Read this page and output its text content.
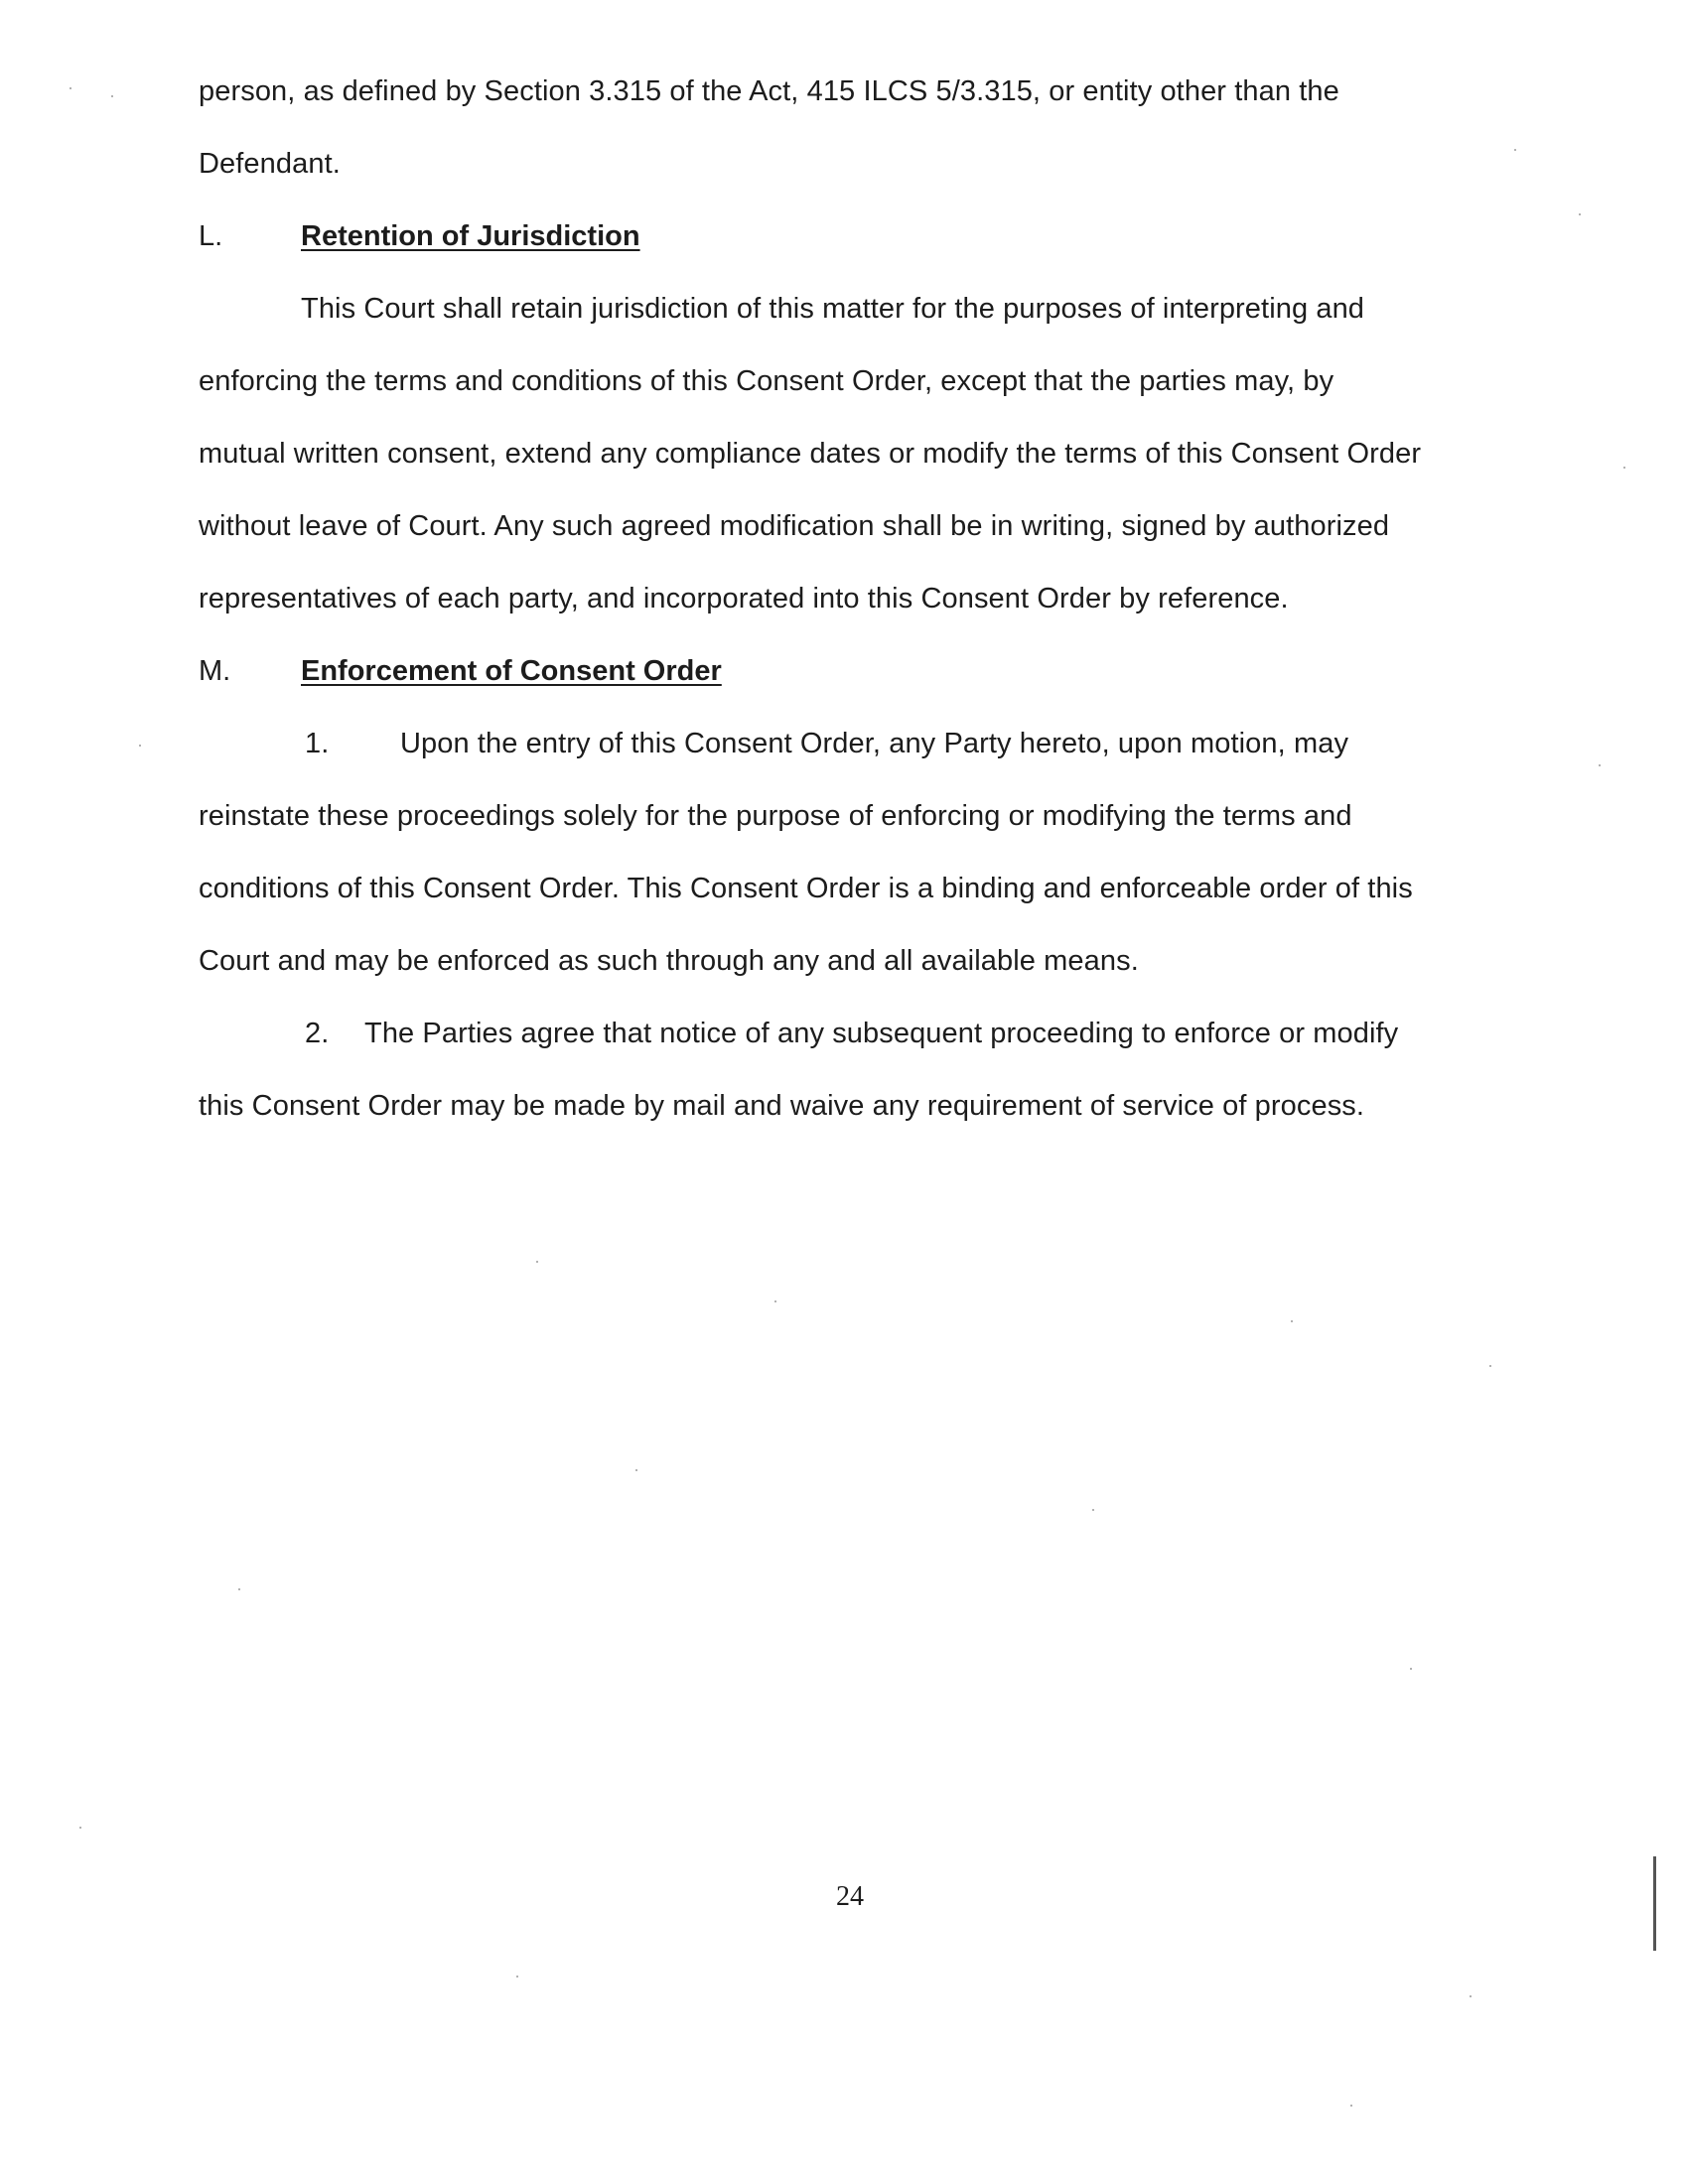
person, as defined by Section 3.315 of the Act, 415 ILCS 5/3.315, or entity other than the
Defendant.
L.	Retention of Jurisdiction
This Court shall retain jurisdiction of this matter for the purposes of interpreting and
enforcing the terms and conditions of this Consent Order, except that the parties may, by
mutual written consent, extend any compliance dates or modify the terms of this Consent Order
without leave of Court. Any such agreed modification shall be in writing, signed by authorized
representatives of each party, and incorporated into this Consent Order by reference.
M. Enforcement of Consent Order
1. Upon the entry of this Consent Order, any Party hereto, upon motion, may
reinstate these proceedings solely for the purpose of enforcing or modifying the terms and
conditions of this Consent Order. This Consent Order is a binding and enforceable order of this
Court and may be enforced as such through any and all available means.
2. The Parties agree that notice of any subsequent proceeding to enforce or modify
this Consent Order may be made by mail and waive any requirement of service of process.
24
